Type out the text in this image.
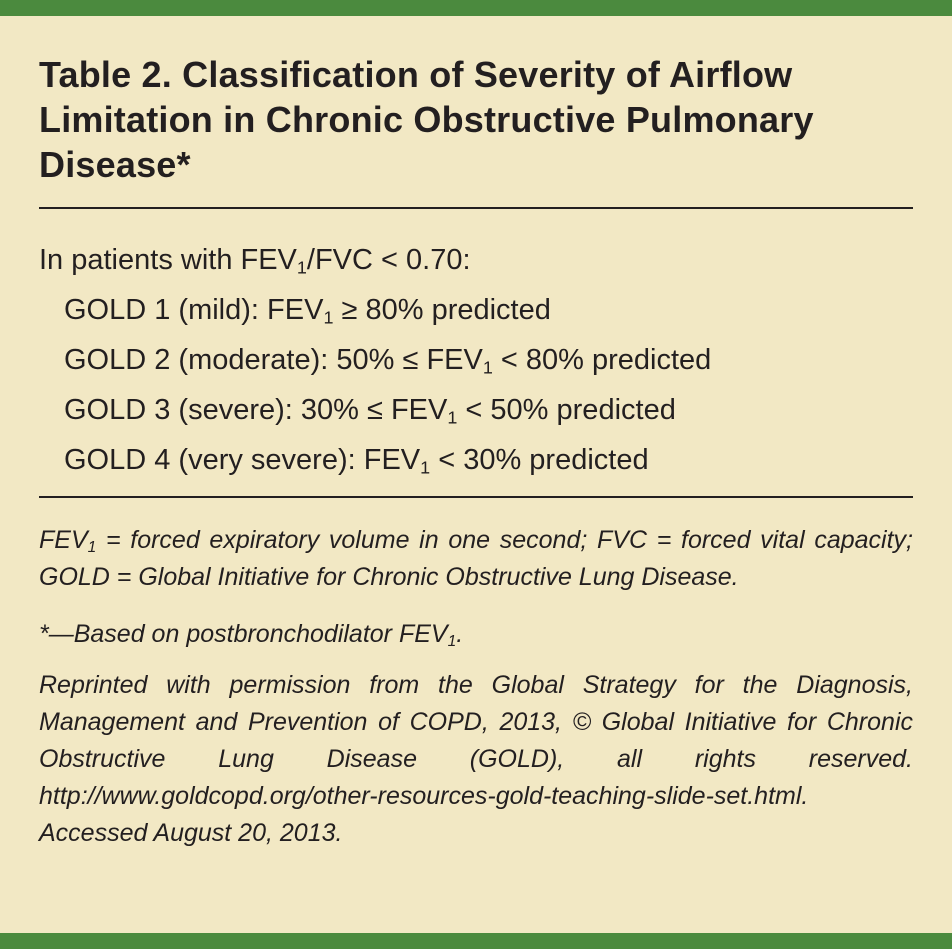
Table 2. Classification of Severity of Airflow Limitation in Chronic Obstructive Pulmonary Disease*
In patients with $FEV_1$/FVC < 0.70:
GOLD 1 (mild): $FEV_1 \ge 80\%$ predicted
GOLD 2 (moderate): $50\% \le FEV_1 < 80\%$ predicted
GOLD 3 (severe): $30\% \le FEV_1 < 50\%$ predicted
GOLD 4 (very severe): $FEV_1 < 30\%$ predicted

$FEV_1$ = forced expiratory volume in one second; FVC = forced vital capacity; GOLD = Global Initiative for Chronic Obstructive Lung Disease.

*—Based on postbronchodilator $FEV_1$.

Reprinted with permission from the Global Strategy for the Diagnosis, Management and Prevention of COPD, 2013, © Global Initiative for Chronic Obstructive Lung Disease (GOLD), all rights reserved. http://www.goldcopd.org/other-resources-gold-teaching-slide-set.html. Accessed August 20, 2013.
